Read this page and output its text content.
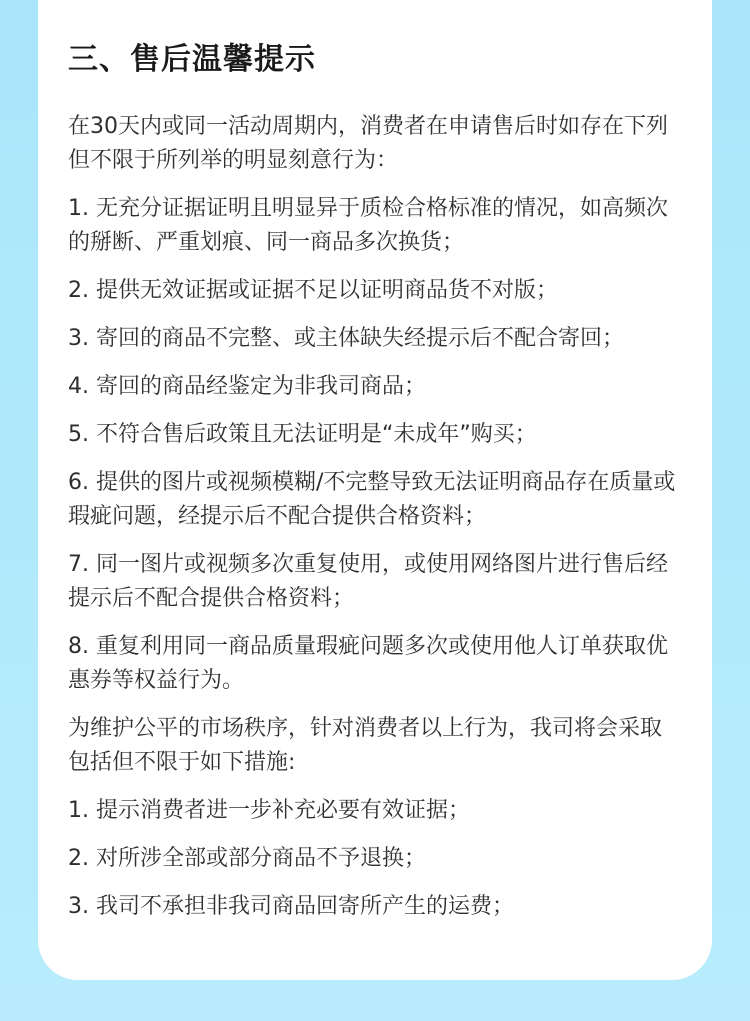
三、售后温馨提示

在30天内或同一活动周期内，消费者在申请售后时如存在下列但不限于所列举的明显刻意行为：

1. 无充分证据证明且明显异于质检合格标准的情况，如高频次的掰断、严重划痕、同一商品多次换货；

2. 提供无效证据或证据不足以证明商品货不对版；

3. 寄回的商品不完整、或主体缺失经提示后不配合寄回；

4. 寄回的商品经鉴定为非我司商品；

5. 不符合售后政策且无法证明是“未成年”购买；

6. 提供的图片或视频模糊/不完整导致无法证明商品存在质量或瑕疵问题，经提示后不配合提供合格资料；

7. 同一图片或视频多次重复使用，或使用网络图片进行售后经提示后不配合提供合格资料；

8. 重复利用同一商品质量瑕疵问题多次或使用他人订单获取优惠券等权益行为。

为维护公平的市场秩序，针对消费者以上行为，我司将会采取包括但不限于如下措施:

1. 提示消费者进一步补充必要有效证据；

2. 对所涉全部或部分商品不予退换；

3. 我司不承担非我司商品回寄所产生的运费；
